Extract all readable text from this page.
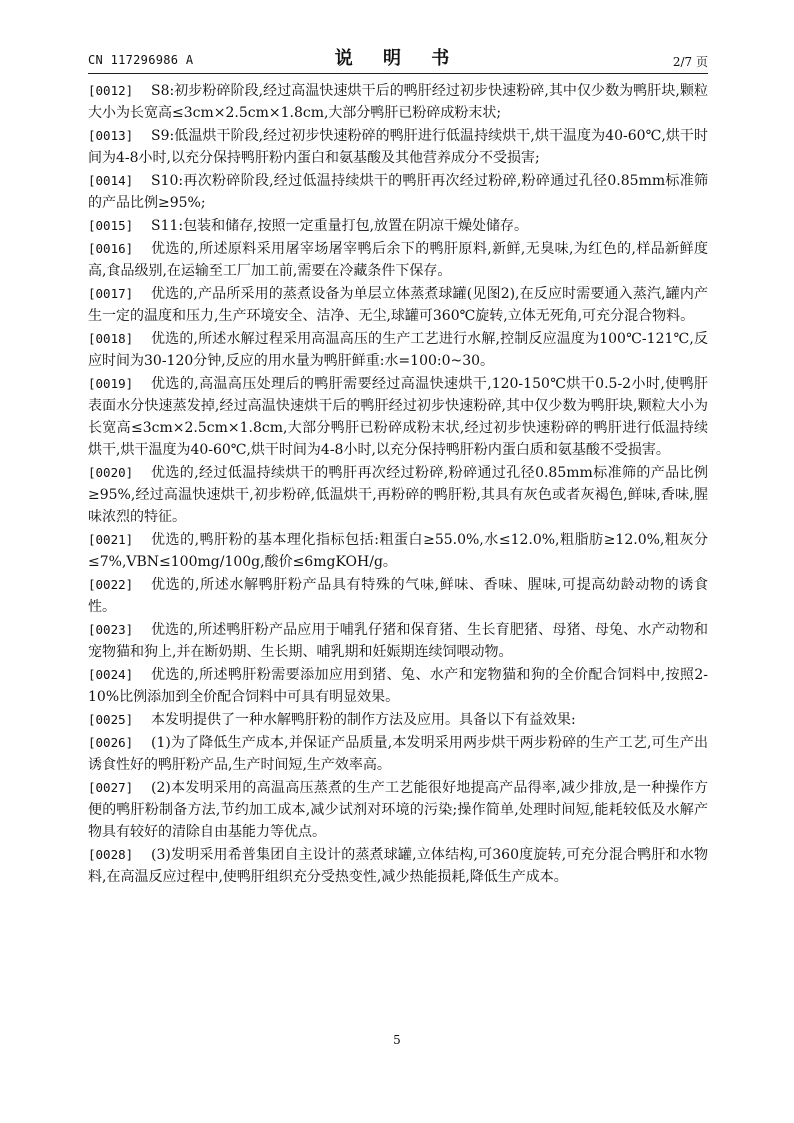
CN 117296986 A	说 明 书	2/7 页
[0012]	S8:初步粉碎阶段,经过高温快速烘干后的鸭肝经过初步快速粉碎,其中仅少数为鸭肝块,颗粒大小为长宽高≤3cm×2.5cm×1.8cm,大部分鸭肝已粉碎成粉末状;
[0013]	S9:低温烘干阶段,经过初步快速粉碎的鸭肝进行低温持续烘干,烘干温度为40-60℃,烘干时间为4-8小时,以充分保持鸭肝粉内蛋白和氨基酸及其他营养成分不受损害;
[0014]	S10:再次粉碎阶段,经过低温持续烘干的鸭肝再次经过粉碎,粉碎通过孔径0.85mm标准筛的产品比例≥95%;
[0015]	S11:包装和储存,按照一定重量打包,放置在阴凉干燥处储存。
[0016]	优选的,所述原料采用屠宰场屠宰鸭后余下的鸭肝原料,新鲜,无臭味,为红色的,样品新鲜度高,食品级别,在运输至工厂加工前,需要在冷藏条件下保存。
[0017]	优选的,产品所采用的蒸煮设备为单层立体蒸煮球罐(见图2),在反应时需要通入蒸汽,罐内产生一定的温度和压力,生产环境安全、洁净、无尘,球罐可360℃旋转,立体无死角,可充分混合物料。
[0018]	优选的,所述水解过程采用高温高压的生产工艺进行水解,控制反应温度为100℃-121℃,反应时间为30-120分钟,反应的用水量为鸭肝鲜重:水=100:0~30。
[0019]	优选的,高温高压处理后的鸭肝需要经过高温快速烘干,120-150℃烘干0.5-2小时,使鸭肝表面水分快速蒸发掉,经过高温快速烘干后的鸭肝经过初步快速粉碎,其中仅少数为鸭肝块,颗粒大小为长宽高≤3cm×2.5cm×1.8cm,大部分鸭肝已粉碎成粉末状,经过初步快速粉碎的鸭肝进行低温持续烘干,烘干温度为40-60℃,烘干时间为4-8小时,以充分保持鸭肝粉内蛋白质和氨基酸不受损害。
[0020]	优选的,经过低温持续烘干的鸭肝再次经过粉碎,粉碎通过孔径0.85mm标准筛的产品比例≥95%,经过高温快速烘干,初步粉碎,低温烘干,再粉碎的鸭肝粉,其具有灰色或者灰褐色,鲜味,香味,腥味浓烈的特征。
[0021]	优选的,鸭肝粉的基本理化指标包括:粗蛋白≥55.0%,水≤12.0%,粗脂肪≥12.0%,粗灰分≤7%,VBN≤100mg/100g,酸价≤6mgKOH/g。
[0022]	优选的,所述水解鸭肝粉产品具有特殊的气味,鲜味、香味、腥味,可提高幼龄动物的诱食性。
[0023]	优选的,所述鸭肝粉产品应用于哺乳仔猪和保育猪、生长育肥猪、母猪、母兔、水产动物和宠物猫和狗上,并在断奶期、生长期、哺乳期和妊娠期连续饲喂动物。
[0024]	优选的,所述鸭肝粉需要添加应用到猪、兔、水产和宠物猫和狗的全价配合饲料中,按照2-10%比例添加到全价配合饲料中可具有明显效果。
[0025]	本发明提供了一种水解鸭肝粉的制作方法及应用。具备以下有益效果:
[0026]	(1)为了降低生产成本,并保证产品质量,本发明采用两步烘干两步粉碎的生产工艺,可生产出诱食性好的鸭肝粉产品,生产时间短,生产效率高。
[0027]	(2)本发明采用的高温高压蒸煮的生产工艺能很好地提高产品得率,减少排放,是一种操作方便的鸭肝粉制备方法,节约加工成本,减少试剂对环境的污染;操作简单,处理时间短,能耗较低及水解产物具有较好的清除自由基能力等优点。
[0028]	(3)发明采用希普集团自主设计的蒸煮球罐,立体结构,可360度旋转,可充分混合鸭肝和水物料,在高温反应过程中,使鸭肝组织充分受热变性,减少热能损耗,降低生产成本。
5
